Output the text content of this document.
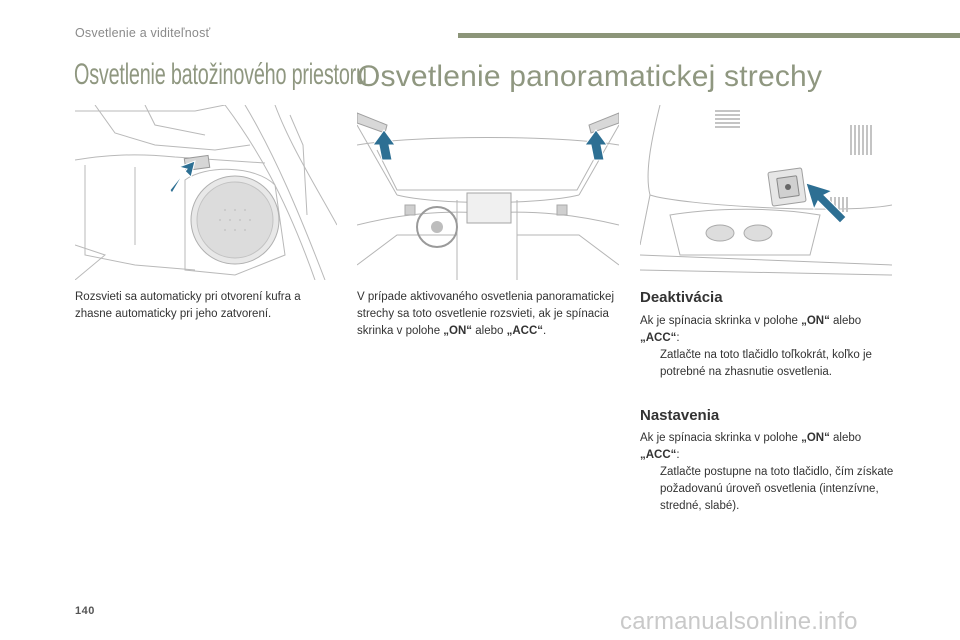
Osvetlenie a viditeľnosť
Osvetlenie batožinového priestoru
Osvetlenie panoramatickej strechy
Rozsvieti sa automaticky pri otvorení kufra a zhasne automaticky pri jeho zatvorení.
V prípade aktivovaného osvetlenia panoramatickej strechy sa toto osvetlenie rozsvieti, ak je spínacia skrinka v polohe „ON“ alebo „ACC“.
Deaktivácia
Ak je spínacia skrinka v polohe „ON“ alebo
„ACC“:
Zatlačte na toto tlačidlo toľkokrát, koľko je potrebné na zhasnutie osvetlenia.
Nastavenia
Ak je spínacia skrinka v polohe „ON“ alebo
„ACC“:
Zatlačte postupne na toto tlačidlo, čím získate požadovanú úroveň osvetlenia (intenzívne, stredné, slabé).
140	carmanualsonline.info
